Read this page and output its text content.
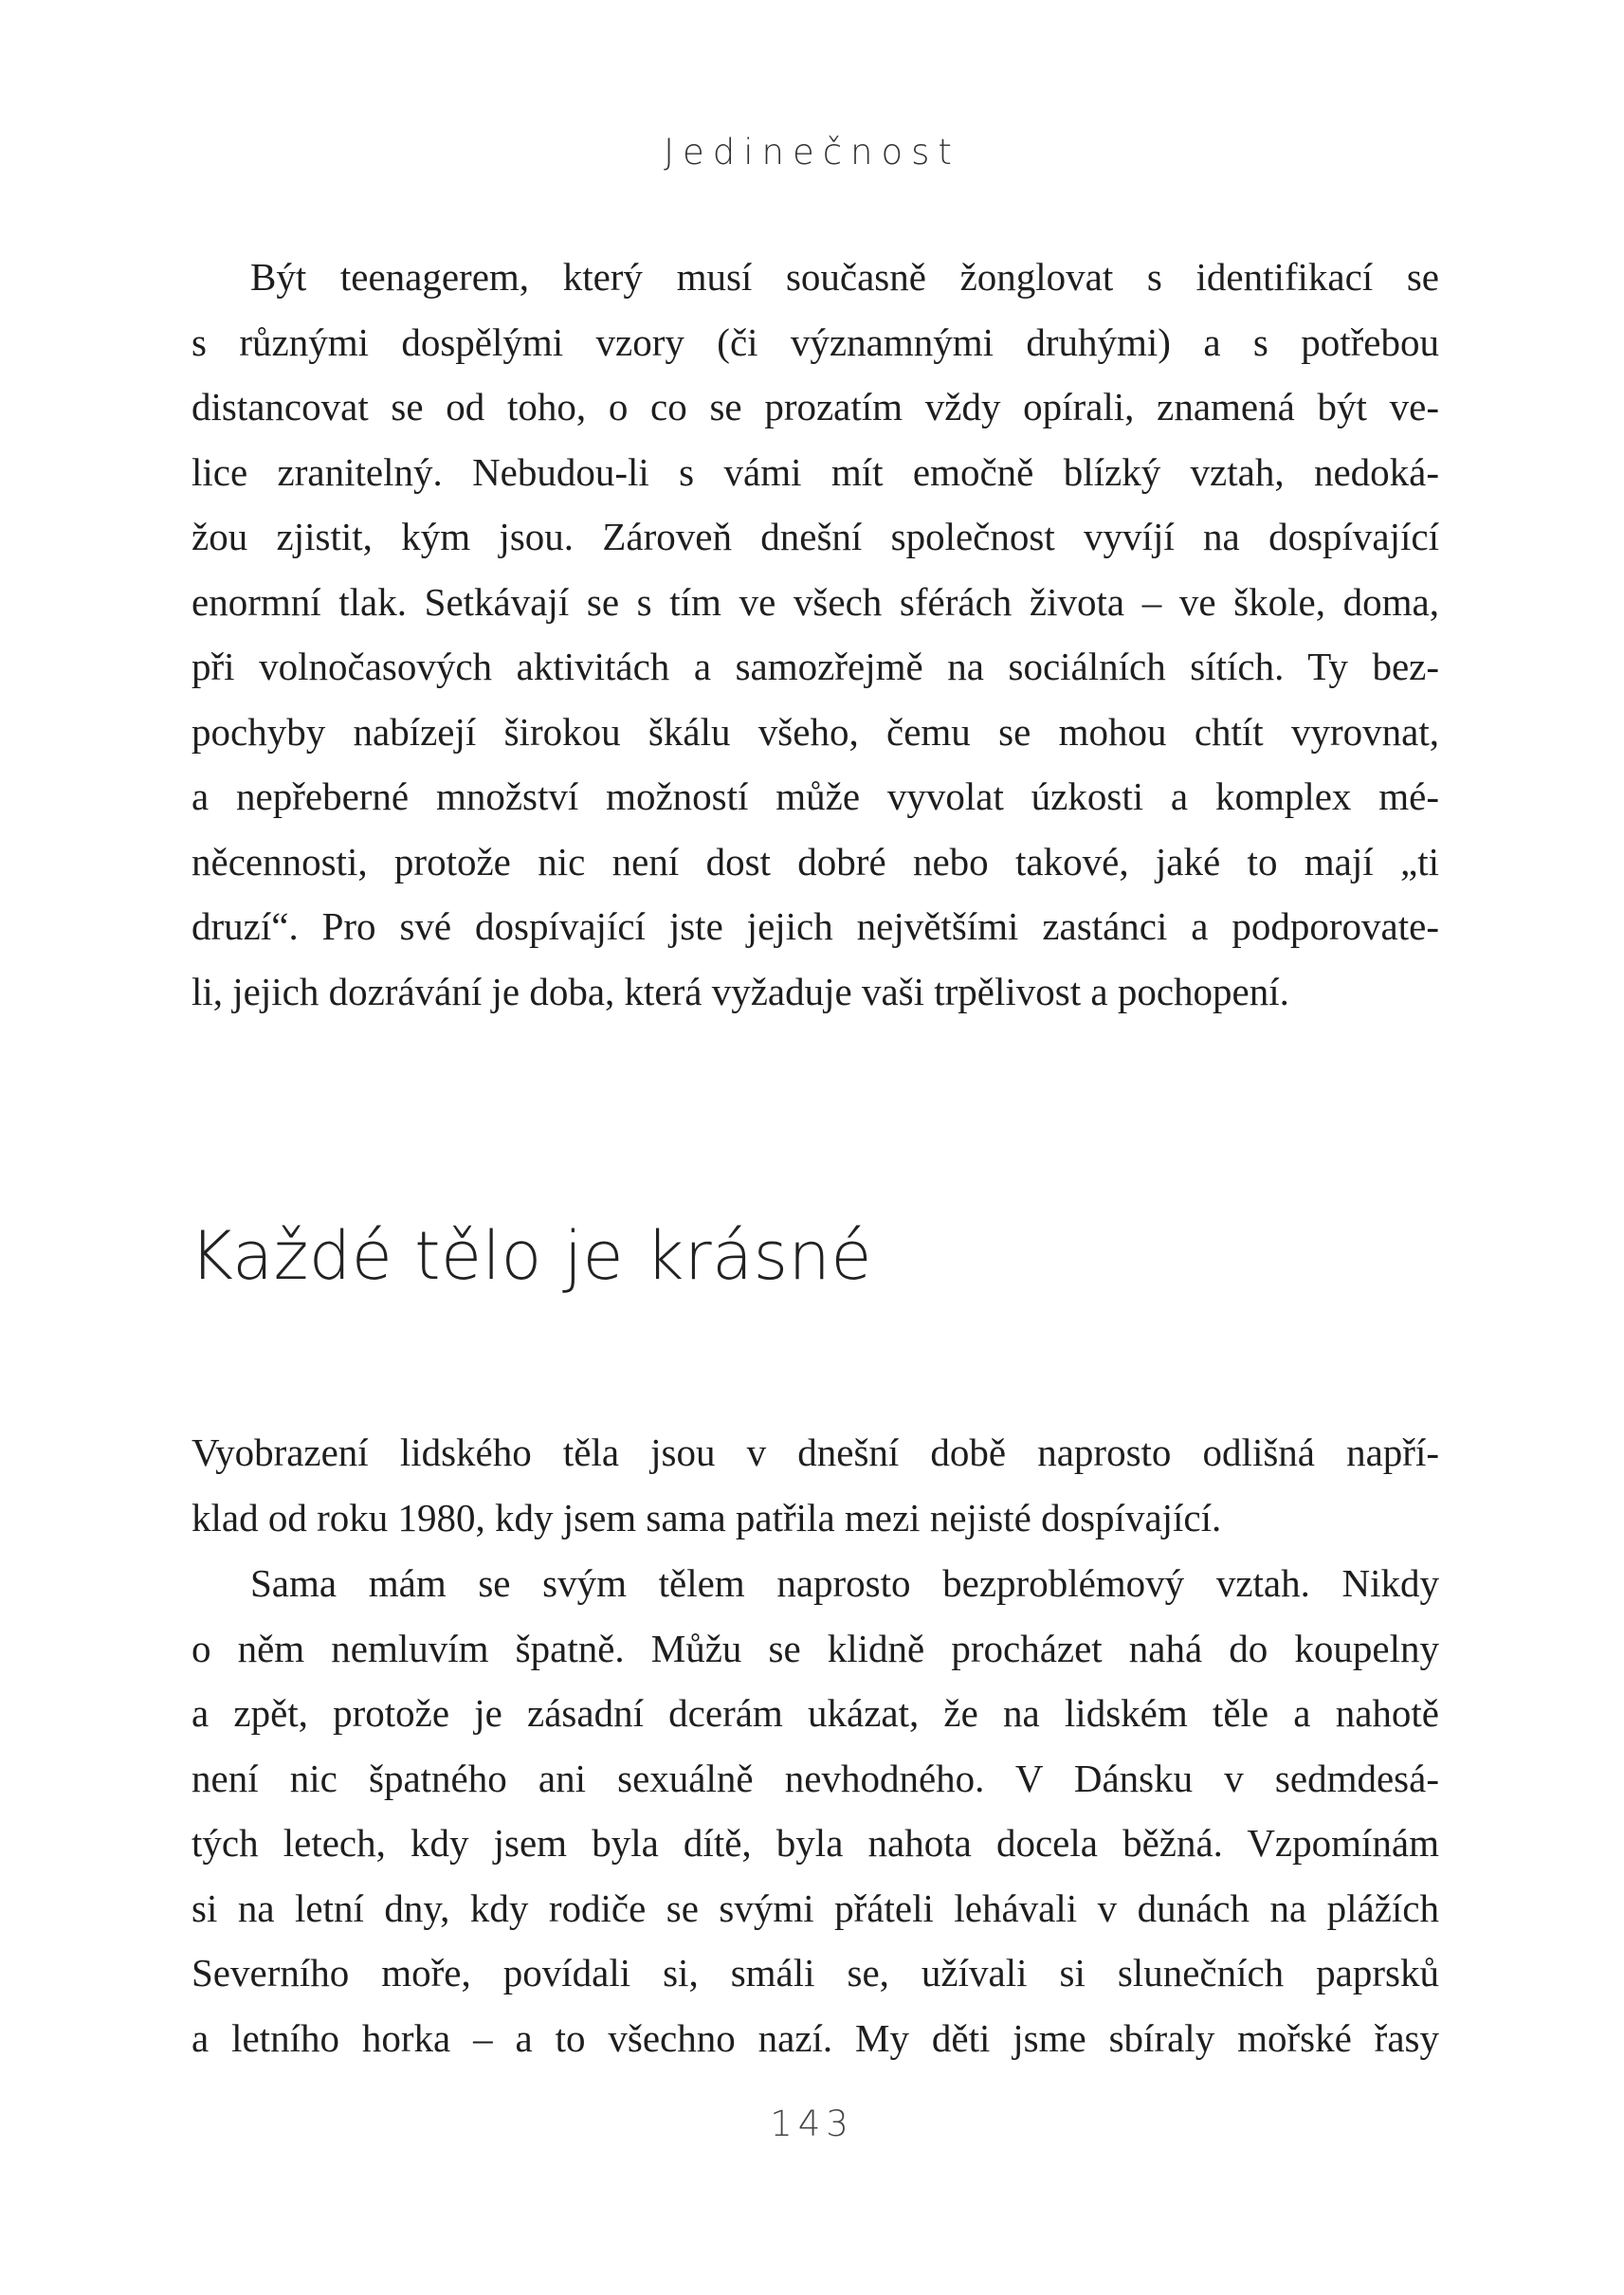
Jedinečnost
Být teenagerem, který musí současně žonglovat s identifikací se
s různými dospělými vzory (či významnými druhými) a s potřebou
distancovat se od toho, o co se prozatím vždy opírali, znamená být ve-
lice zranitelný. Nebudou-li s vámi mít emočně blízký vztah, nedoká-
žou zjistit, kým jsou. Zároveň dnešní společnost vyvíjí na dospívající
enormní tlak. Setkávají se s tím ve všech sférách života – ve škole, doma,
při volnočasových aktivitách a samozřejmě na sociálních sítích. Ty bez-
pochyby nabízejí širokou škálu všeho, čemu se mohou chtít vyrovnat,
a nepřeberné množství možností může vyvolat úzkosti a komplex mé-
něcennosti, protože nic není dost dobré nebo takové, jaké to mají „ti
druzí“. Pro své dospívající jste jejich největšími zastánci a podporovate-
li, jejich dozrávání je doba, která vyžaduje vaši trpělivost a pochopení.
Každé tělo je krásné
Vyobrazení lidského těla jsou v dnešní době naprosto odlišná napří-
klad od roku 1980, kdy jsem sama patřila mezi nejisté dospívající.
Sama mám se svým tělem naprosto bezproblémový vztah. Nikdy
o něm nemluvím špatně. Můžu se klidně procházet nahá do koupelny
a zpět, protože je zásadní dcerám ukázat, že na lidském těle a nahotě
není nic špatného ani sexuálně nevhodného. V Dánsku v sedmdesá-
tých letech, kdy jsem byla dítě, byla nahota docela běžná. Vzpomínám
si na letní dny, kdy rodiče se svými přáteli lehávali v dunách na plážích
Severního moře, povídali si, smáli se, užívali si slunečních paprsků
a letního horka – a to všechno nazí. My děti jsme sbíraly mořské řasy
143
